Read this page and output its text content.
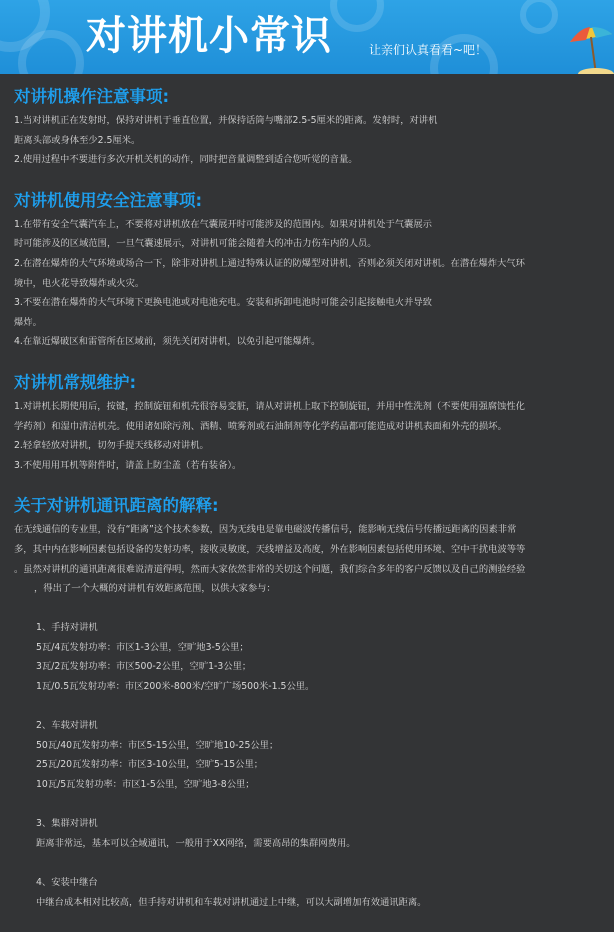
对讲机小常识	让亲们认真看看~吧！
对讲机操作注意事项:

1.当对讲机正在发射时，保持对讲机于垂直位置，并保持话筒与嘴部2.5-5厘米的距离。发射时，对讲机

距离头部或身体至少2.5厘米。

2.使用过程中不要进行多次开机关机的动作，同时把音量调整到适合您听觉的音量。

对讲机使用安全注意事项:

1.在带有安全气囊汽车上，不要将对讲机放在气囊展开时可能涉及的范围内。如果对讲机处于气囊展示

时可能涉及的区域范围，一旦气囊速展示，对讲机可能会随着大的冲击力伤车内的人员。

2.在潜在爆炸的大气环境或场合一下，除非对讲机上通过特殊认证的防爆型对讲机，否则必须关闭对讲机。在潜在爆炸大气环

境中，电火花导致爆炸或火灾。

3.不要在潜在爆炸的大气环境下更换电池或对电池充电。安装和拆卸电池时可能会引起接触电火并导致

爆炸。

4.在靠近爆破区和雷管所在区域前，须先关闭对讲机，以免引起可能爆炸。

对讲机常规维护:

1.对讲机长期使用后，按键，控制旋钮和机壳很容易变脏，请从对讲机上取下控制旋钮，并用中性洗剂（不要使用强腐蚀性化

学药剂）和湿巾清洁机壳。使用诸如除污剂、酒精、喷雾剂或石油制剂等化学药品都可能造成对讲机表面和外壳的损坏。

2.轻拿轻放对讲机，切勿手提天线移动对讲机。

3.不使用用耳机等附件时，请盖上防尘盖（若有装备）。

关于对讲机通讯距离的解释:

在无线通信的专业里，没有“距离”这个技术参数，因为无线电是靠电磁波传播信号，能影响无线信号传播远距离的因素非常

多，其中内在影响因素包括设备的发射功率，接收灵敏度，天线增益及高度，外在影响因素包括使用环境、空中干扰电波等等

。虽然对讲机的通讯距离很难说清道得明，然而大家依然非常的关切这个问题，我们综合多年的客户反馈以及自己的测验经验

，得出了一个大概的对讲机有效距离范围，以供大家参与：

1、手持对讲机

5瓦/4瓦发射功率：市区1-3公里，空旷地3-5公里；

3瓦/2瓦发射功率：市区500-2公里，空旷1-3公里；

1瓦/0.5瓦发射功率：市区200米-800米/空旷广场500米-1.5公里。

2、车载对讲机

50瓦/40瓦发射功率：市区5-15公里，空旷地10-25公里；

25瓦/20瓦发射功率：市区3-10公里，空旷5-15公里；

10瓦/5瓦发射功率：市区1-5公里，空旷地3-8公里；

3、集群对讲机

距离非常远，基本可以全域通讯，一般用于XX网络，需要高昂的集群网费用。

4、安装中继台

中继台成本相对比较高，但手持对讲机和车载对讲机通过上中继，可以大副增加有效通讯距离。
